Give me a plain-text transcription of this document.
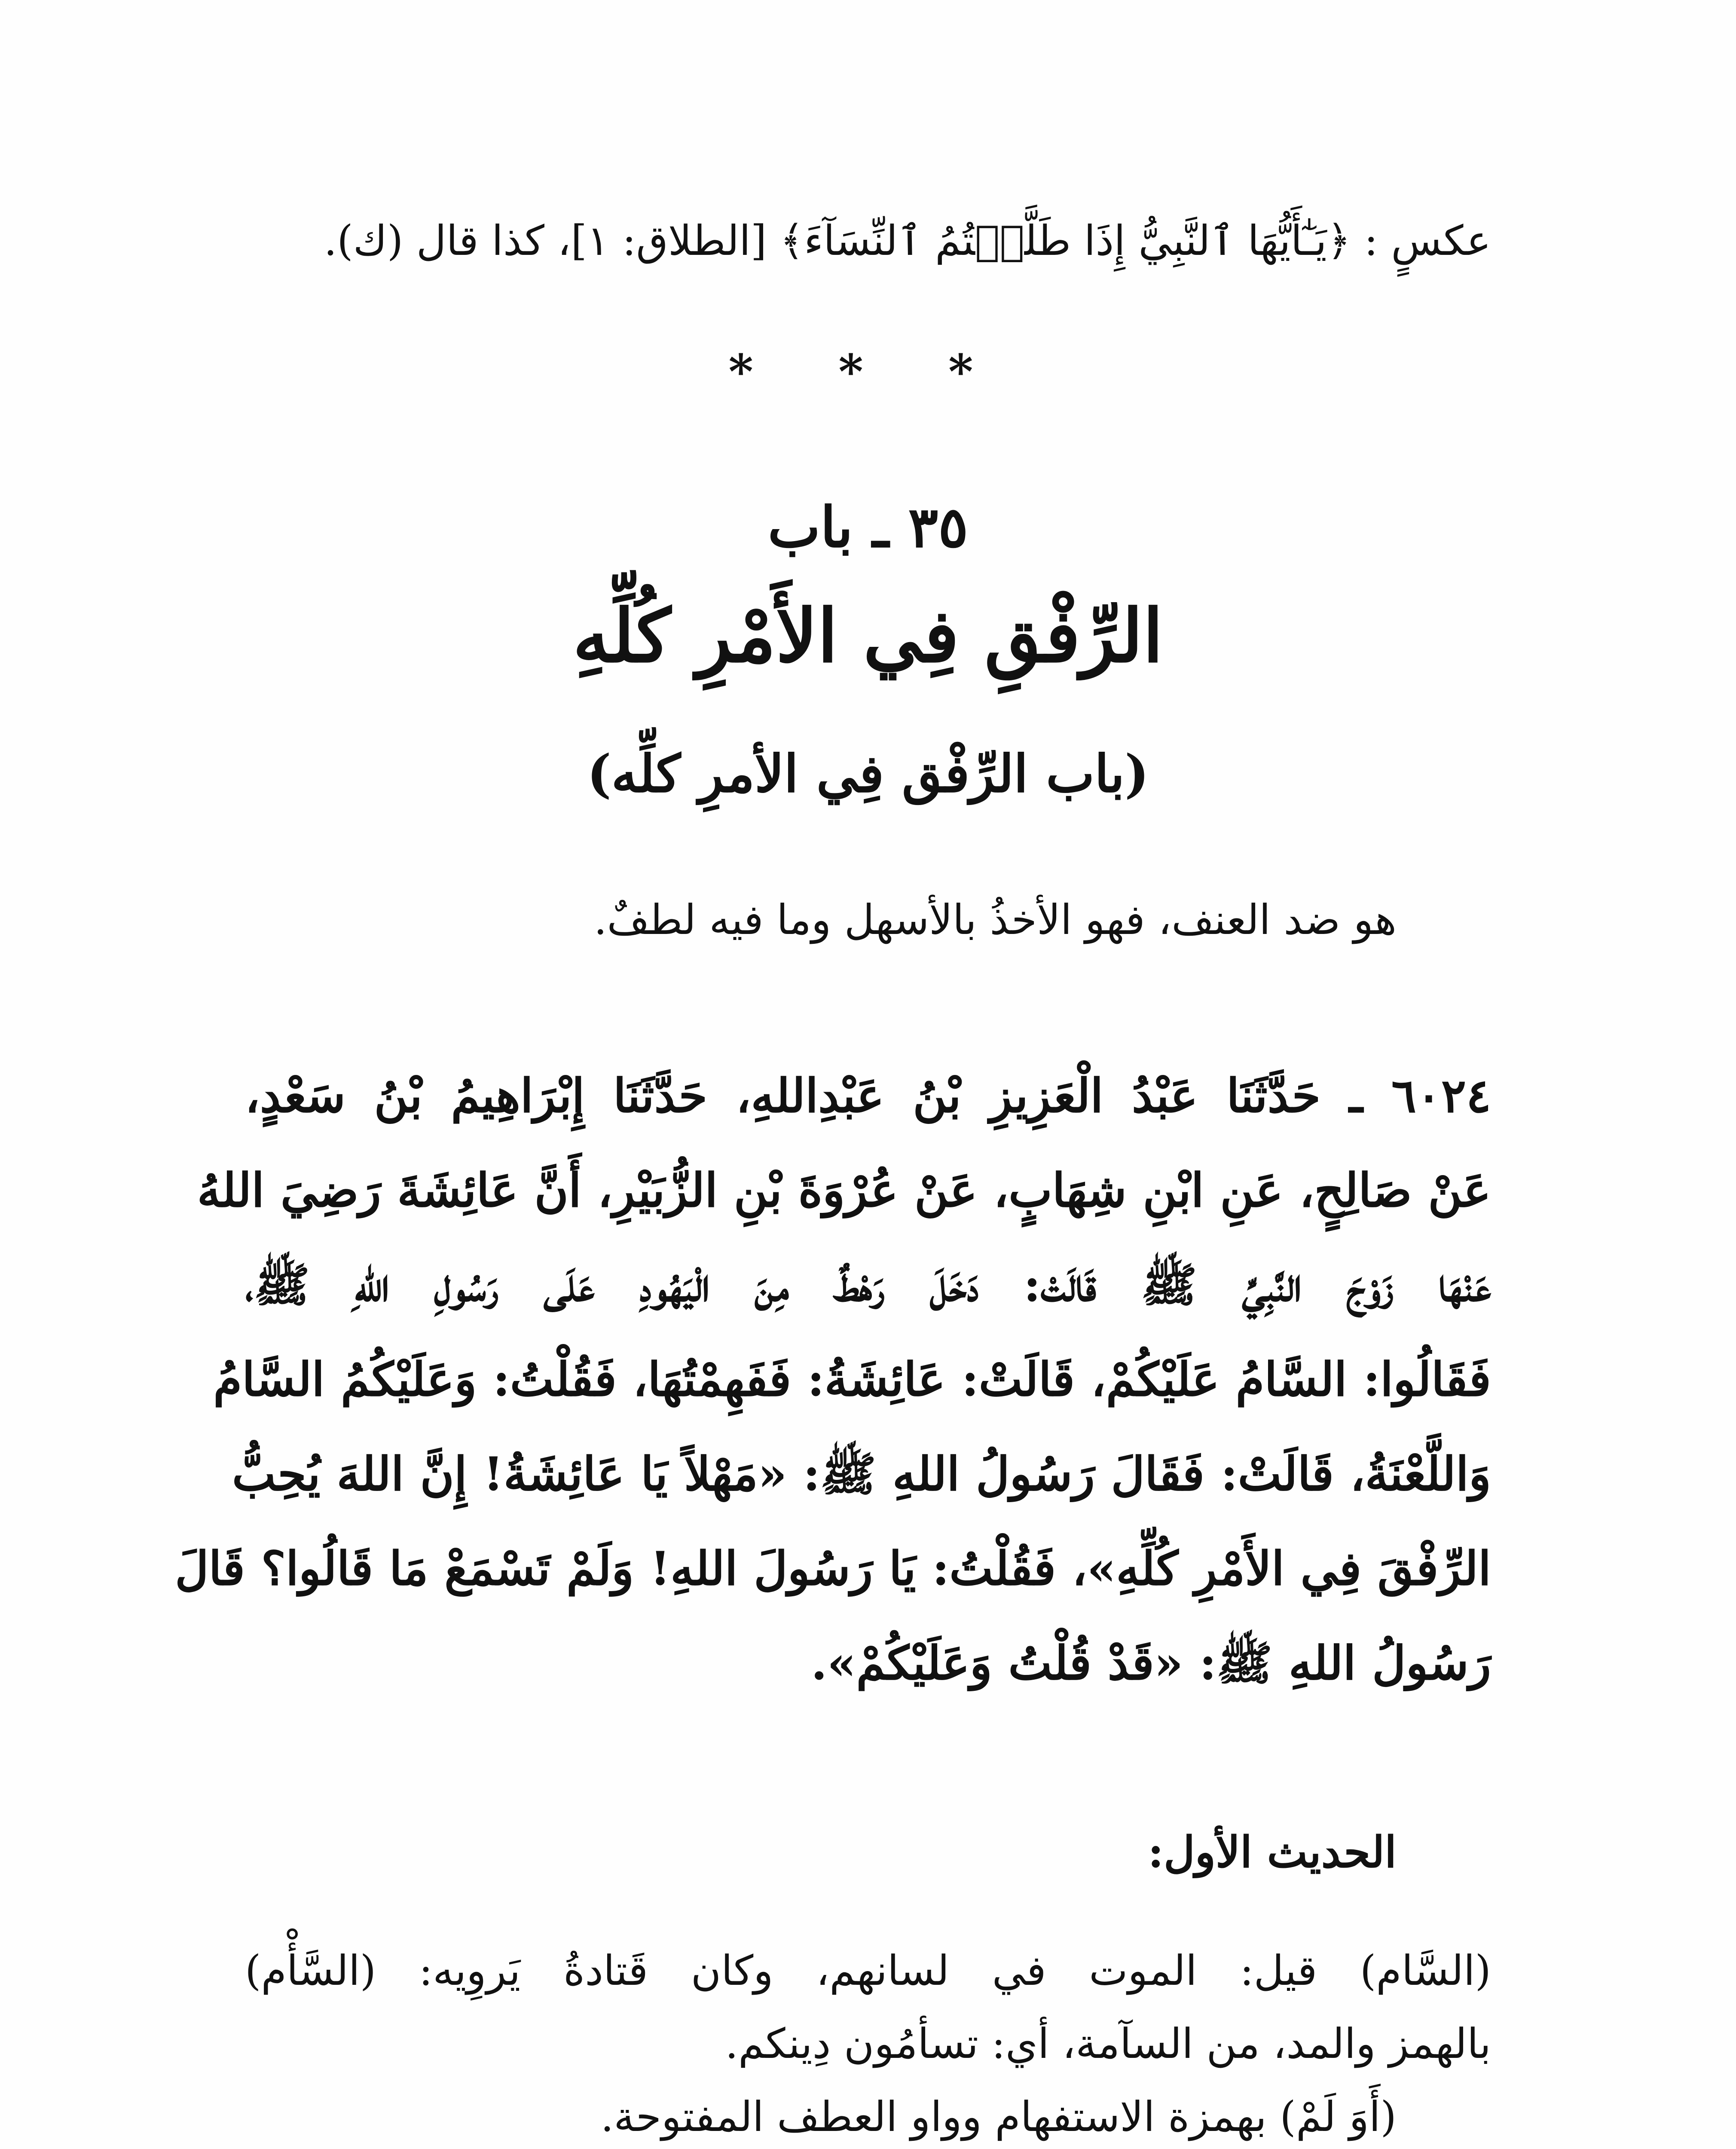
عكسٍ : ﴿يَـٰٓأَيُّهَا ٱلنَّبِيُّ إِذَا طَلَّقۡتُمُ ٱلنِّسَآءَ﴾ [الطلاق: ١]، كذا قال (ك).
* * *
٣٥ ـ باب
الرِّفْقِ فِي الأَمْرِ كُلِّهِ
(باب الرِّفْق فِي الأمرِ كلِّه)
هو ضد العنف، فهو الأخذُ بالأسهل وما فيه لطفٌ.
٦٠٢٤ ـ حَدَّثَنَا عَبْدُ الْعَزِيزِ بْنُ عَبْدِاللهِ، حَدَّثَنَا إِبْرَاهِيمُ بْنُ سَعْدٍ،
عَنْ صَالِحٍ، عَنِ ابْنِ شِهَابٍ، عَنْ عُرْوَةَ بْنِ الزُّبَيْرِ، أَنَّ عَائِشَةَ رَضِيَ اللهُ
عَنْهَا زَوْجَ النَّبِيِّ ﷺ قَالَتْ: دَخَلَ رَهْطٌ مِنَ الْيَهُودِ عَلَى رَسُولِ اللهِ ﷺ،
فَقَالُوا: السَّامُ عَلَيْكُمْ، قَالَتْ: عَائِشَةُ: فَفَهِمْتُهَا، فَقُلْتُ: وَعَلَيْكُمُ السَّامُ
وَاللَّعْنَةُ، قَالَتْ: فَقَالَ رَسُولُ اللهِ ﷺ: «مَهْلاً يَا عَائِشَةُ! إِنَّ اللهَ يُحِبُّ
الرِّفْقَ فِي الأَمْرِ كُلِّهِ»، فَقُلْتُ: يَا رَسُولَ اللهِ! وَلَمْ تَسْمَعْ مَا قَالُوا؟ قَالَ
رَسُولُ اللهِ ﷺ: «قَدْ قُلْتُ وَعَلَيْكُمْ».
الحديث الأول:
(السَّام) قيل: الموت في لسانهم، وكان قَتادةُ يَروِيه: (السَّأْم)
بالهمز والمد، من السآمة، أي: تسأمُون دِينكم.
(أَوَ لَمْ) بهمزة الاستفهام وواو العطف المفتوحة.
